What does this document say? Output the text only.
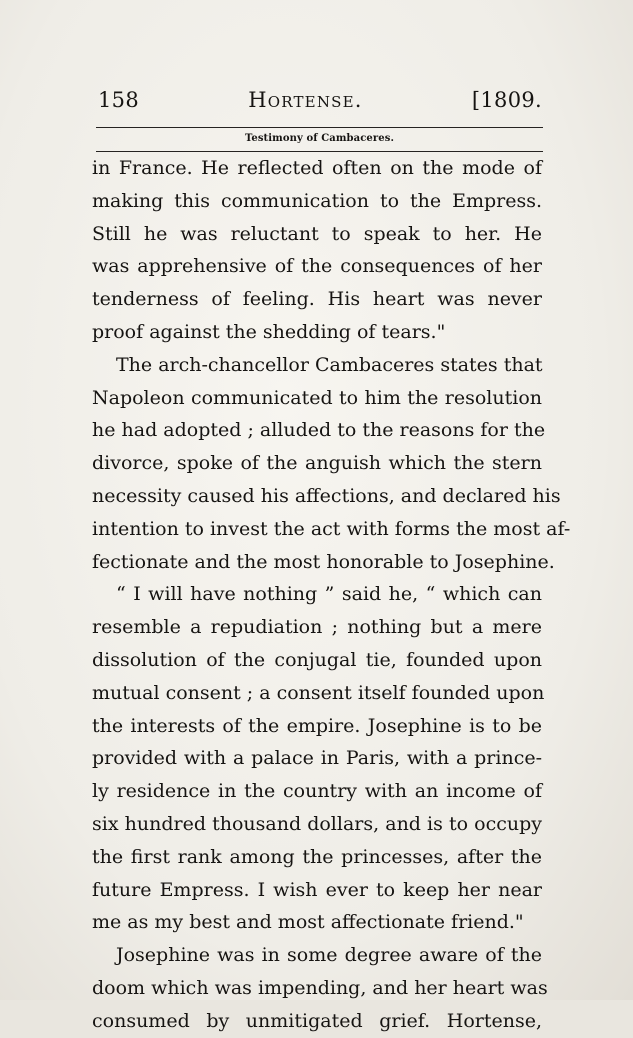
158	Hortense.	[1809.
Testimony of Cambaceres.
in France. He reflected often on the mode of
making this communication to the Empress.
Still he was reluctant to speak to her. He
was apprehensive of the consequences of her
tenderness of feeling. His heart was never
proof against the shedding of tears."
The arch-chancellor Cambaceres states that
Napoleon communicated to him the resolution
he had adopted ; alluded to the reasons for the
divorce, spoke of the anguish which the stern
necessity caused his affections, and declared his
intention to invest the act with forms the most af-
fectionate and the most honorable to Josephine.
“ I will have nothing ” said he, “ which can
resemble a repudiation ; nothing but a mere
dissolution of the conjugal tie, founded upon
mutual consent ; a consent itself founded upon
the interests of the empire. Josephine is to be
provided with a palace in Paris, with a prince-
ly residence in the country with an income of
six hundred thousand dollars, and is to occupy
the first rank among the princesses, after the
future Empress. I wish ever to keep her near
me as my best and most affectionate friend."
Josephine was in some degree aware of the
doom which was impending, and her heart was
consumed by unmitigated grief. Hortense,
